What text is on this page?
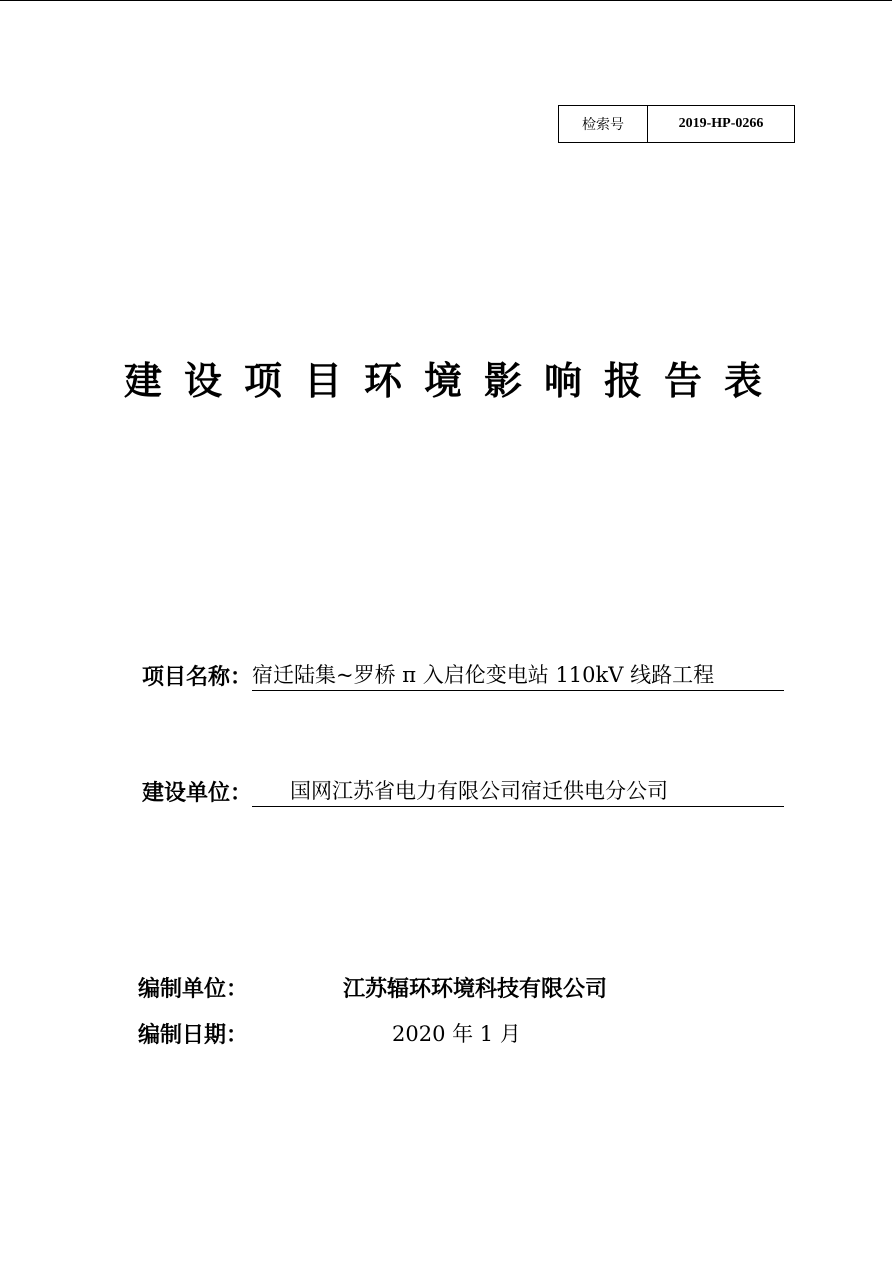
检索号	2019-HP-0266
建设项目环境影响报告表
项目名称： 宿迁陆集~罗桥 π 入启伦变电站 110kV 线路工程
建设单位：	国网江苏省电力有限公司宿迁供电分公司
编制单位：	江苏辐环环境科技有限公司
编制日期：	2020 年 1 月
